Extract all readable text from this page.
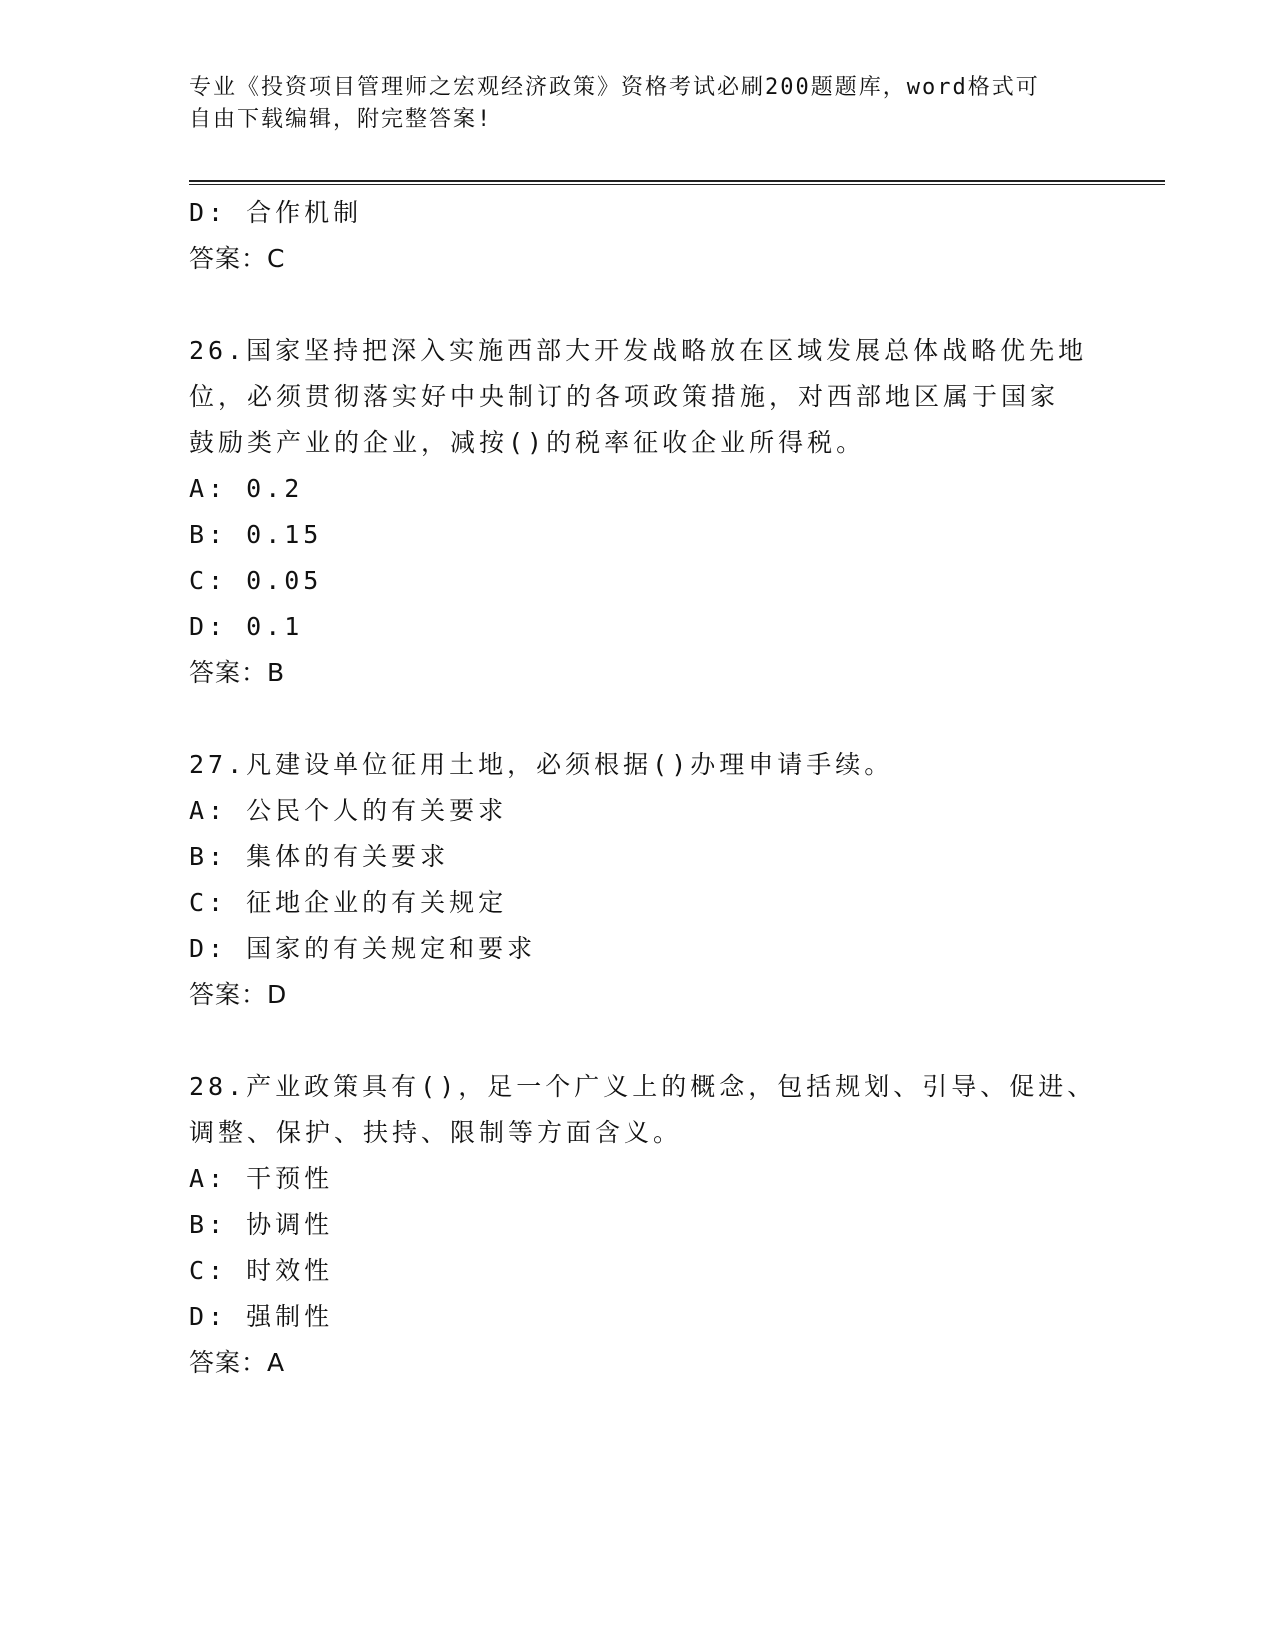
专业《投资项目管理师之宏观经济政策》资格考试必刷200题题库，word格式可
自由下载编辑，附完整答案!
D: 合作机制
答案：C
26.国家坚持把深入实施西部大开发战略放在区域发展总体战略优先地
位，必须贯彻落实好中央制订的各项政策措施，对西部地区属于国家
鼓励类产业的企业，减按()的税率征收企业所得税。
A: 0.2
B: 0.15
C: 0.05
D: 0.1
答案：B
27.凡建设单位征用土地，必须根据()办理申请手续。
A: 公民个人的有关要求
B: 集体的有关要求
C: 征地企业的有关规定
D: 国家的有关规定和要求
答案：D
28.产业政策具有()，足一个广义上的概念，包括规划、引导、促进、
调整、保护、扶持、限制等方面含义。
A: 干预性
B: 协调性
C: 时效性
D: 强制性
答案：A
